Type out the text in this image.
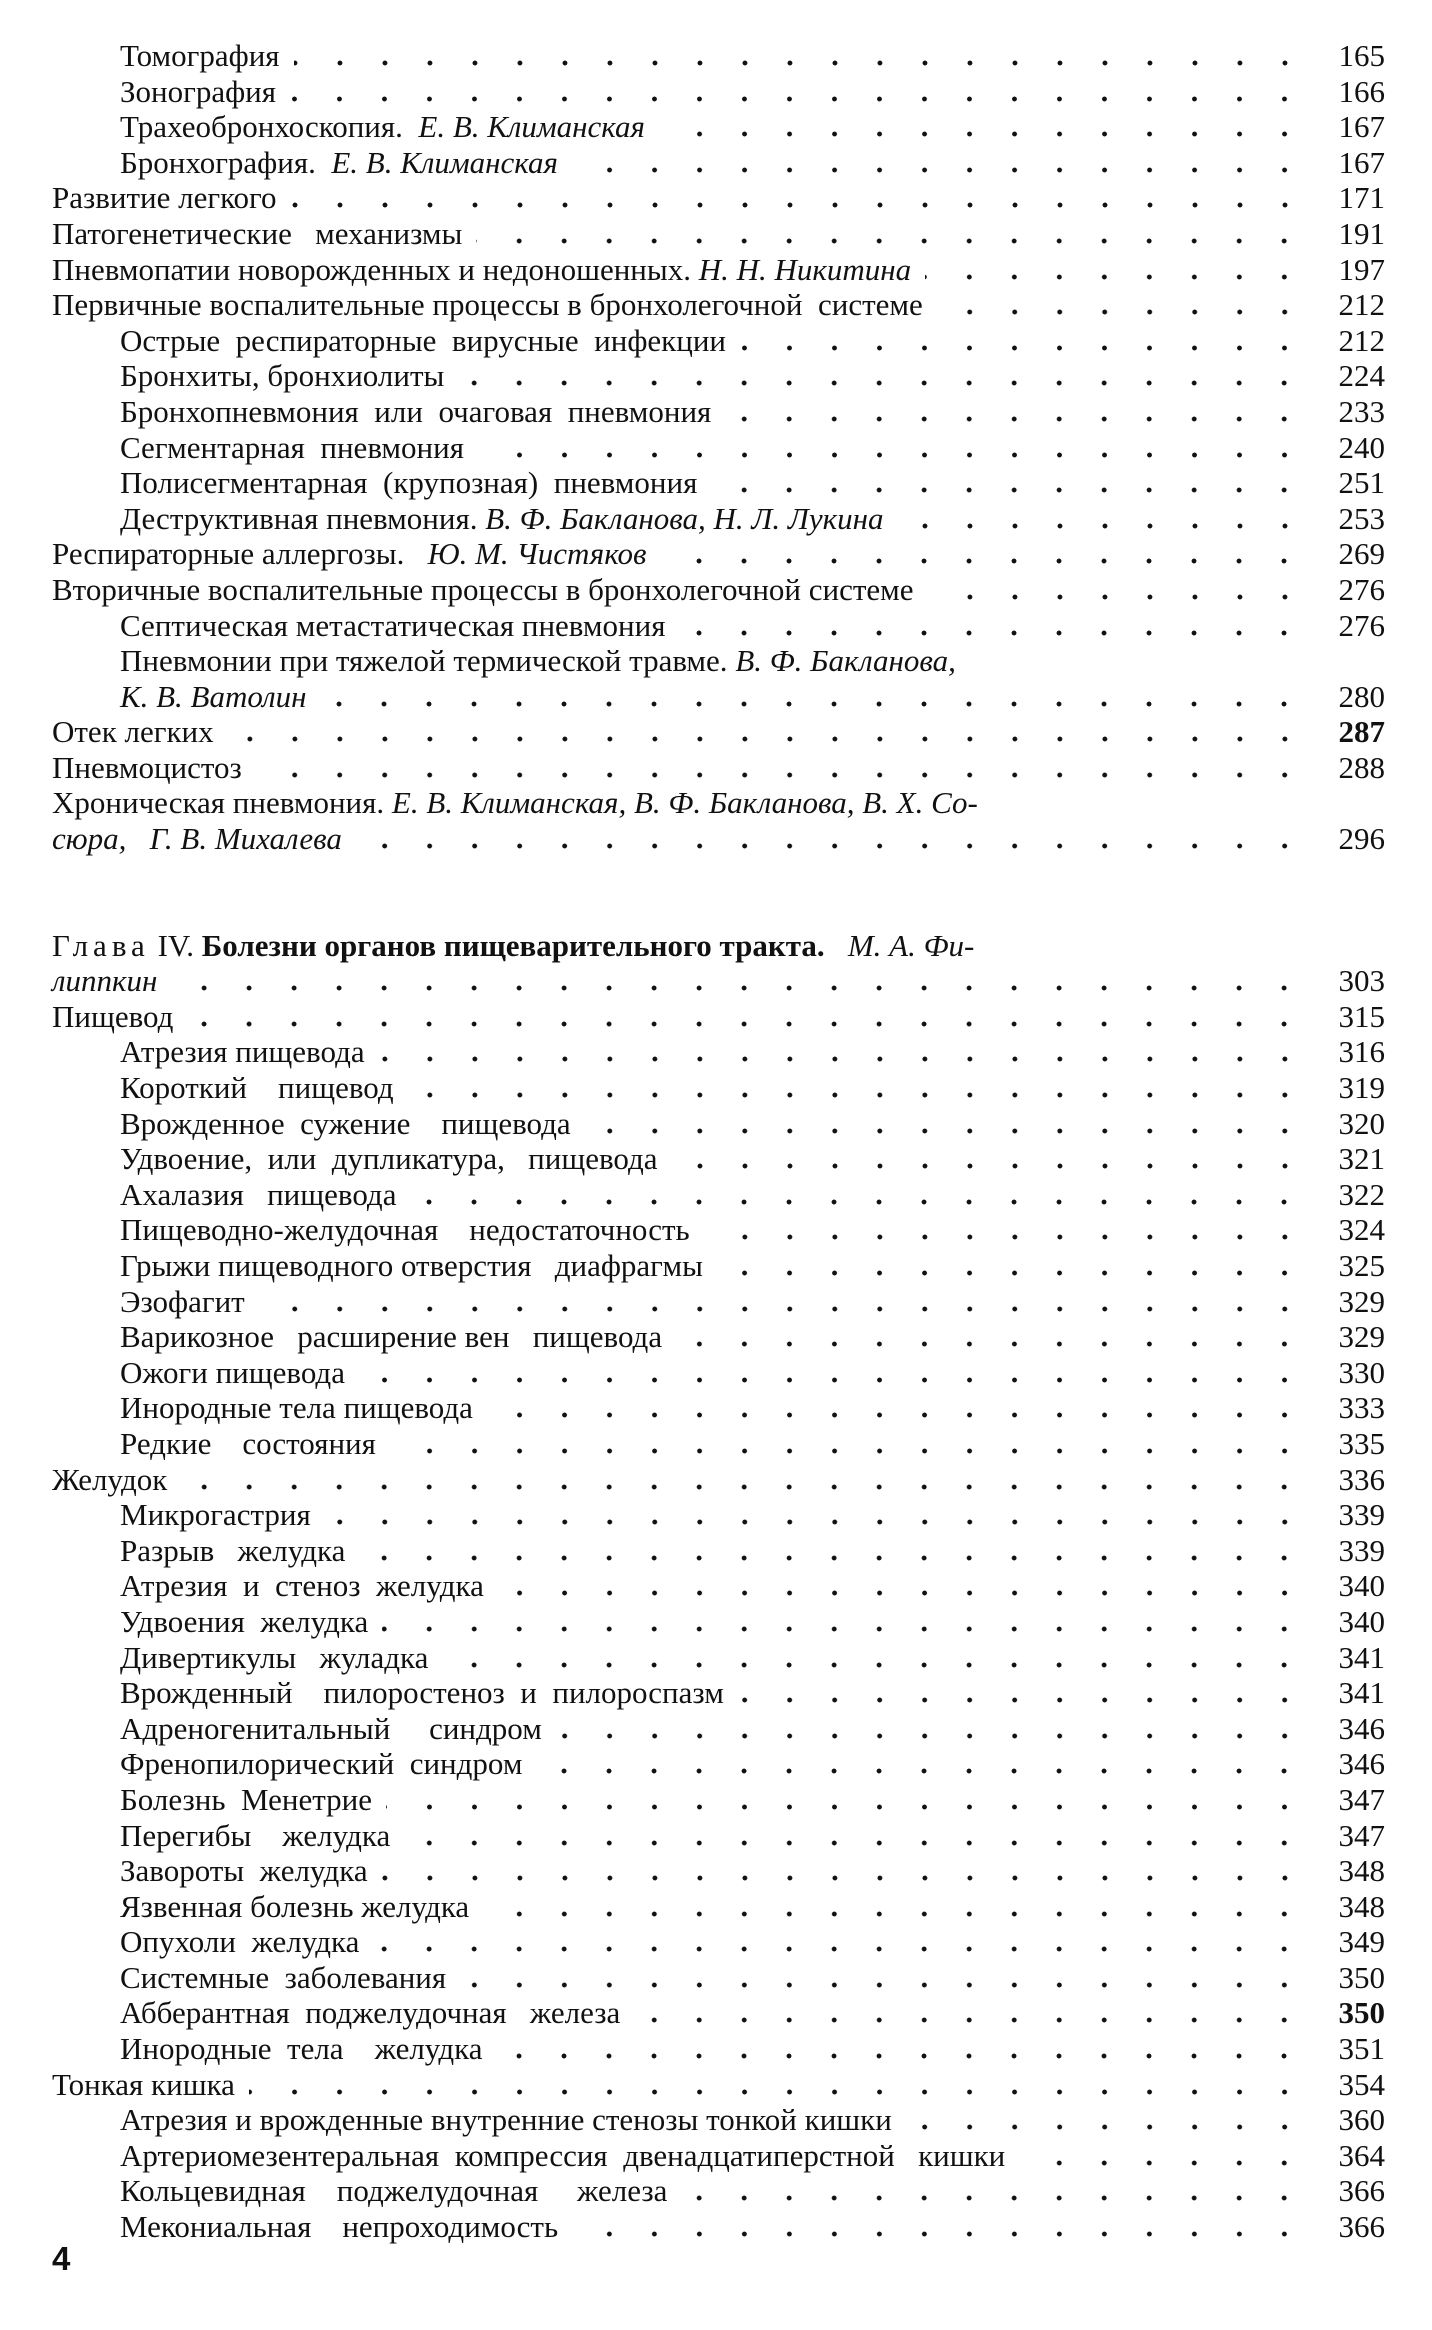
Томография	165
Зонография	166
Трахеобронхоскопия.  Е. В. Климанская	167
Бронхография.  Е. В. Климанская	167
Развитие легкого	171
Патогенетические   механизмы	191
Пневмопатии новорожденных и недоношенных. Н. Н. Никитина	197
Первичные воспалительные процессы в бронхолегочной  системе	212
Острые  респираторные  вирусные  инфекции	212
Бронхиты, бронхиолиты	224
Бронхопневмония  или  очаговая  пневмония	233
Сегментарная  пневмония	240
Полисегментарная  (крупозная)  пневмония	251
Деструктивная пневмония. В. Ф. Бакланова, Н. Л. Лукина	253
Респираторные аллергозы.   Ю. М. Чистяков	269
Вторичные воспалительные процессы в бронхолегочной системе	276
Септическая метастатическая пневмония	276
Пневмонии при тяжелой термической травме. В. Ф. Бакланова,
К. В. Ватолин	280
Отек легких	287
Пневмоцистоз	288
Хроническая пневмония. Е. В. Климанская, В. Ф. Бакланова, В. Х. Со-
сюра,   Г. В. Михалева	296
Глава IV. Болезни органов пищеварительного тракта.   М. А. Фи-
липпкин	303
Пищевод	315
Атрезия пищевода	316
Короткий    пищевод	319
Врожденное  сужение    пищевода	320
Удвоение,  или  дупликатура,   пищевода	321
Ахалазия   пищевода	322
Пищеводно-желудочная    недостаточность	324
Грыжи пищеводного отверстия   диафрагмы	325
Эзофагит	329
Варикозное   расширение вен   пищевода	329
Ожоги пищевода	330
Инородные тела пищевода	333
Редкие    состояния	335
Желудок	336
Микрогастрия	339
Разрыв   желудка	339
Атрезия  и  стеноз  желудка	340
Удвоения  желудка	340
Дивертикулы   жуладка	341
Врожденный    пилоростеноз  и  пилороспазм	341
Адреногенитальный     синдром	346
Френопилорический  синдром	346
Болезнь  Менетрие	347
Перегибы    желудка	347
Завороты  желудка	348
Язвенная болезнь желудка	348
Опухоли  желудка	349
Системные  заболевания	350
Абберантная  поджелудочная   железа	350
Инородные  тела    желудка	351
Тонкая кишка	354
Атрезия и врожденные внутренние стенозы тонкой кишки	360
Артериомезентеральная  компрессия  двенадцатиперстной   кишки	364
Кольцевидная    поджелудочная     железа	366
Мекониальная    непроходимость	366
4
